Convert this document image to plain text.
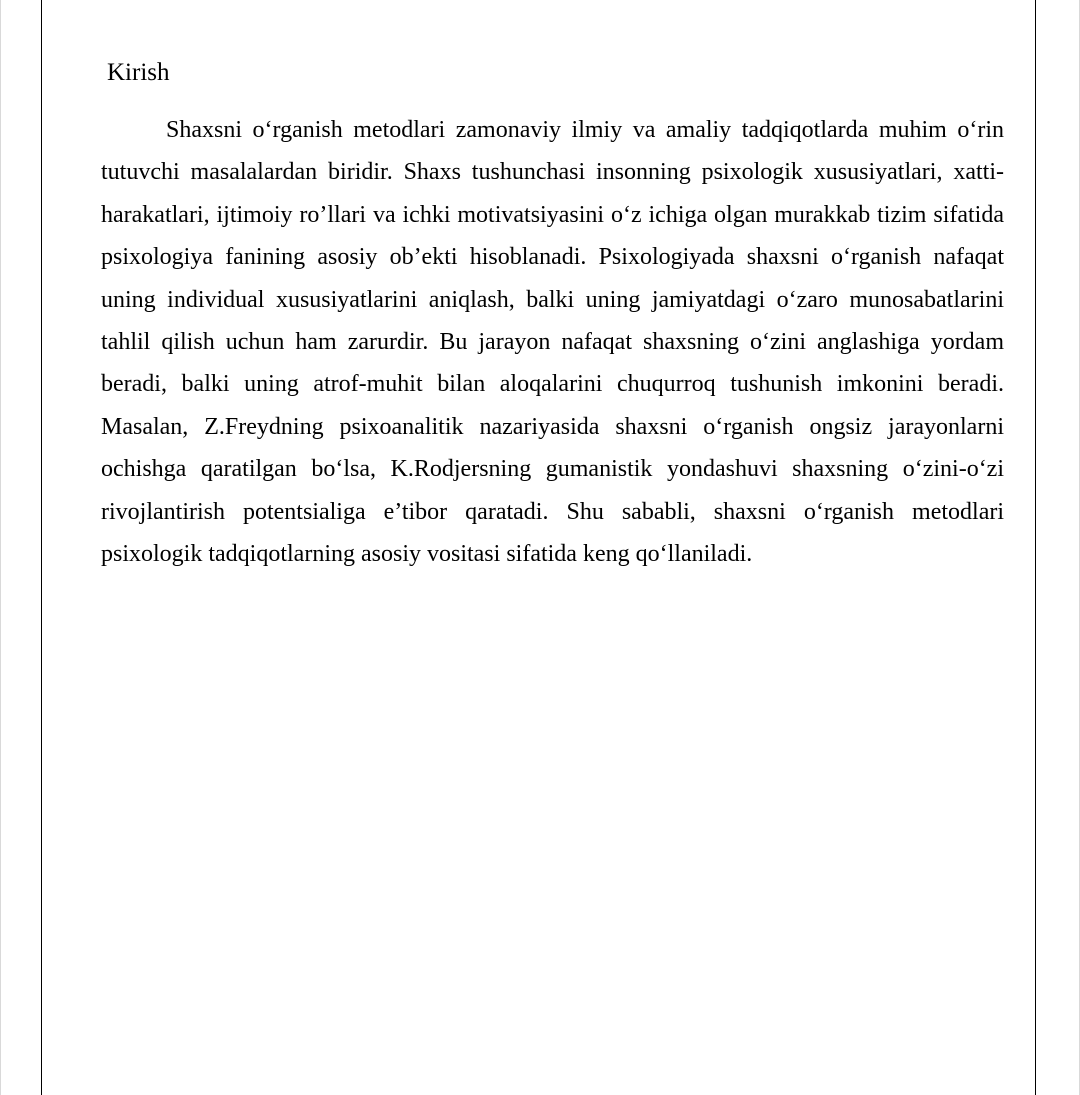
Kirish

Shaxsni o‘rganish metodlari zamonaviy ilmiy va amaliy tadqiqotlarda muhim o‘rin tutuvchi masalalardan biridir. Shaxs tushunchasi insonning psixologik xususiyatlari, xatti-harakatlari, ijtimoiy ro’llari va ichki motivatsiyasini o‘z ichiga olgan murakkab tizim sifatida psixologiya fanining asosiy ob’ekti hisoblanadi. Psixologiyada shaxsni o‘rganish nafaqat uning individual xususiyatlarini aniqlash, balki uning jamiyatdagi o‘zaro munosabatlarini tahlil qilish uchun ham zarurdir. Bu jarayon nafaqat shaxsning o‘zini anglashiga yordam beradi, balki uning atrof-muhit bilan aloqalarini chuqurroq tushunish imkonini beradi. Masalan, Z.Freydning psixoanalitik nazariyasida shaxsni o‘rganish ongsiz jarayonlarni ochishga qaratilgan bo‘lsa, K.Rodjersning gumanistik yondashuvi shaxsning o‘zini-o‘zi rivojlantirish potentsialiga e’tibor qaratadi. Shu sababli, shaxsni o‘rganish metodlari psixologik tadqiqotlarning asosiy vositasi sifatida keng qo‘llaniladi.
